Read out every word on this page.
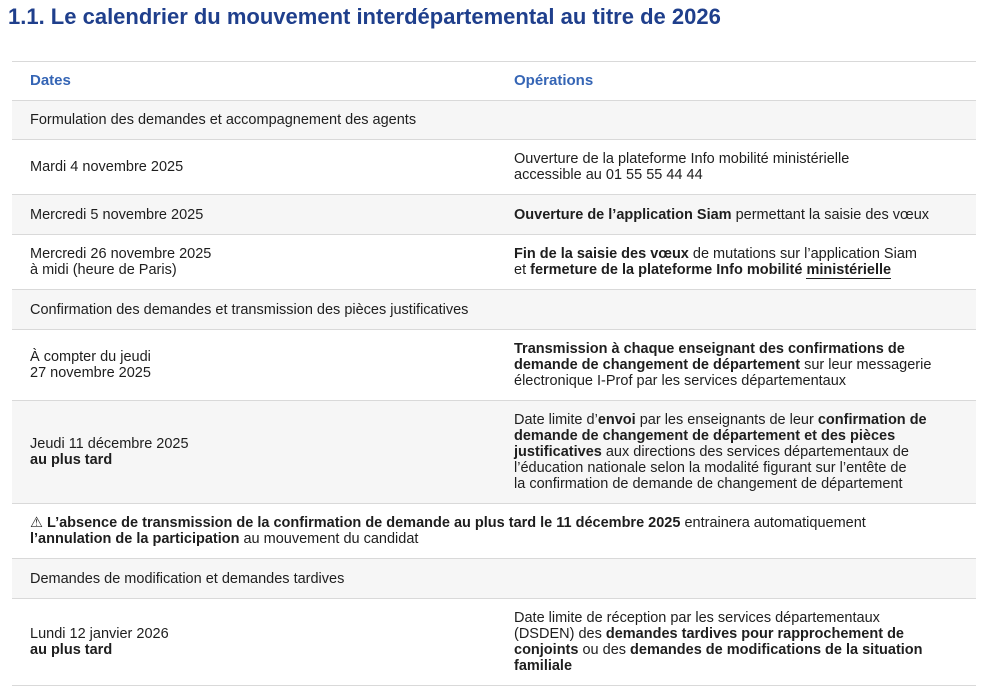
1.1. Le calendrier du mouvement interdépartemental au titre de 2026
Dates	Opérations
Formulation des demandes et accompagnement des agents	
Mardi 4 novembre 2025	Ouverture de la plateforme Info mobilité ministérielle
accessible au 01 55 55 44 44

Mercredi 5 novembre 2025	Ouverture de l’application Siam permettant la saisie des vœux

Mercredi 26 novembre 2025
à midi (heure de Paris)	Fin de la saisie des vœux de mutations sur l’application Siam
et fermeture de la plateforme Info mobilité ministérielle

Confirmation des demandes et transmission des pièces justificatives	

À compter du jeudi
27 novembre 2025	Transmission à chaque enseignant des confirmations de
demande de changement de département sur leur messagerie
électronique I-Prof par les services départementaux

Jeudi 11 décembre 2025
au plus tard	Date limite d’envoi par les enseignants de leur confirmation de
demande de changement de département et des pièces
justificatives aux directions des services départementaux de
l’éducation nationale selon la modalité figurant sur l’entête de
la confirmation de demande de changement de département

⚠ L’absence de transmission de la confirmation de demande au plus tard le 11 décembre 2025 entrainera automatiquement
l’annulation de la participation au mouvement du candidat	

Demandes de modification et demandes tardives	

Lundi 12 janvier 2026
au plus tard	Date limite de réception par les services départementaux
(DSDEN) des demandes tardives pour rapprochement de
conjoints ou des demandes de modifications de la situation
familiale
